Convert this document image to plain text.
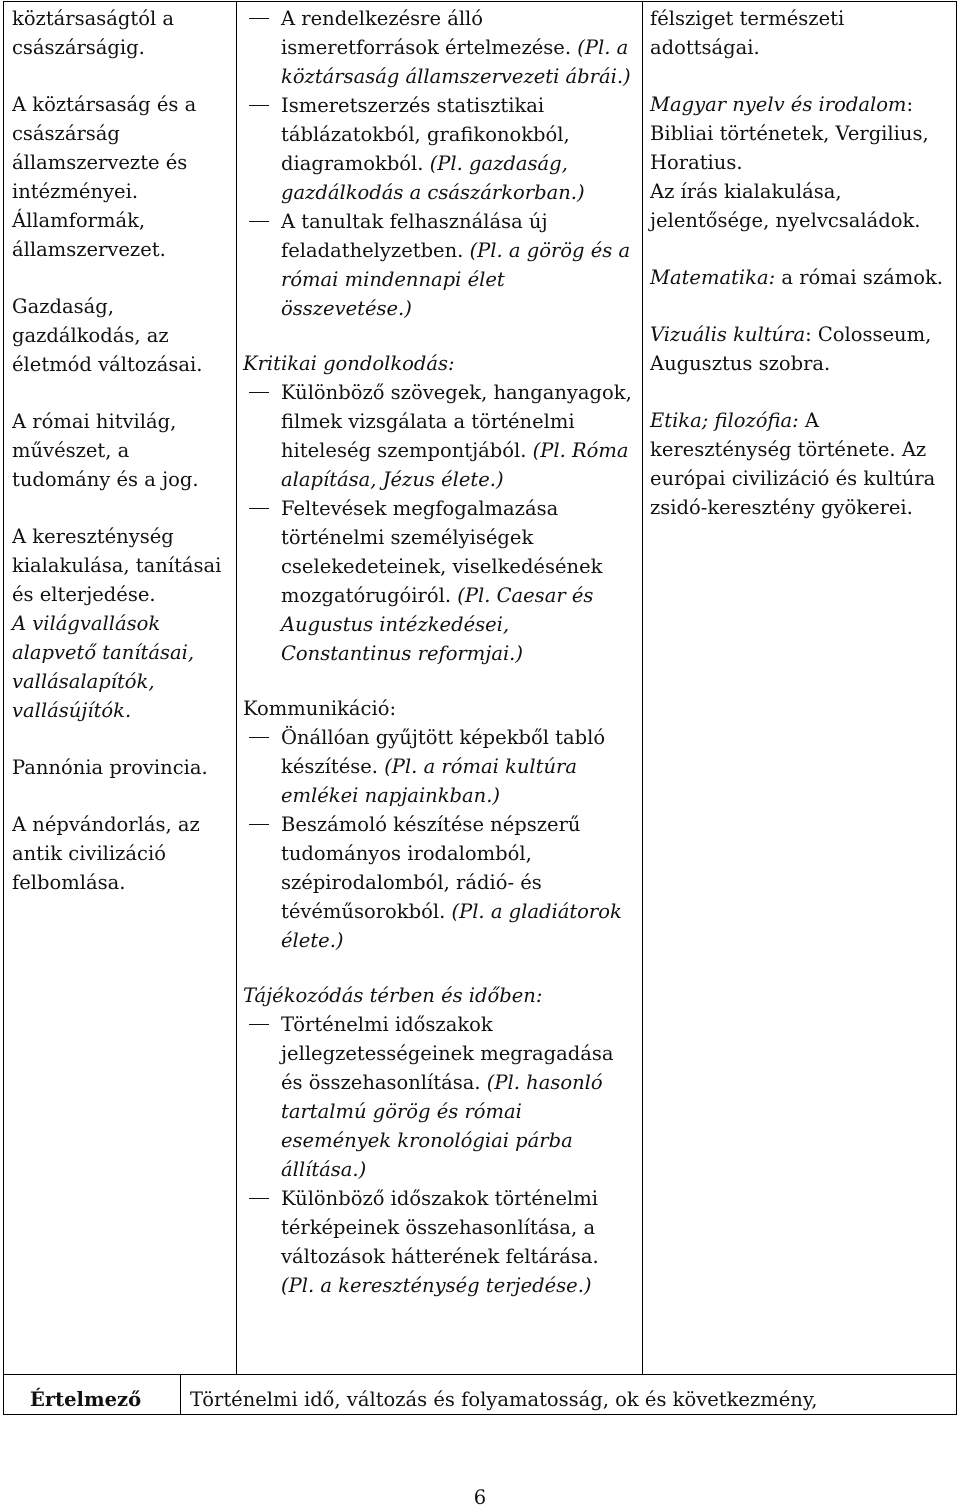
köztársaságtól a császárságig.

A köztársaság és a császárság államszervezte és intézményei.

Államformák, államszervezet.

Gazdaság, gazdálkodás, az életmód változásai.

A római hitvilág, művészet, a tudomány és a jog.

A kereszténység kialakulása, tanításai és elterjedése.

A világvallások alapvető tanításai, vallásalapítók, vallásújítók.

Pannónia provincia.

A népvándorlás, az antik civilizáció felbomlása.

A rendelkezésre álló ismeretforrások értelmezése. (Pl. a köztársaság államszervezeti ábrái.)
Ismeretszerzés statisztikai táblázatokból, grafikonokból, diagramokból. (Pl. gazdaság, gazdálkodás a császárkorban.)
A tanultak felhasználása új feladathelyzetben. (Pl. a görög és a római mindennapi élet összevetése.)

Kritikai gondolkodás:

Különböző szövegek, hanganyagok, filmek vizsgálata a történelmi hiteleség szempontjából. (Pl. Róma alapítása, Jézus élete.)
Feltevések megfogalmazása történelmi személyiségek cselekedeteinek, viselkedésének mozgatórugóiról. (Pl. Caesar és Augustus intézkedései, Constantinus reformjai.)

Kommunikáció:

Önállóan gyűjtött képekből tabló készítése. (Pl. a római kultúra emlékei napjainkban.)
Beszámoló készítése népszerű tudományos irodalomból, szépirodalomból, rádió- és tévéműsorokból. (Pl. a gladiátorok élete.)

Tájékozódás térben és időben:

Történelmi időszakok jellegzetességeinek megragadása és összehasonlítása. (Pl. hasonló tartalmú görög és római események kronológiai párba állítása.)
Különböző időszakok történelmi térképeinek összehasonlítása, a változások hátterének feltárása. (Pl. a kereszténység terjedése.)

félsziget természeti adottságai.

Magyar nyelv és irodalom: Bibliai történetek, Vergilius, Horatius.

Az írás kialakulása, jelentősége, nyelvcsaládok.

Matematika: a római számok.

Vizuális kultúra: Colosseum, Augusztus szobra.

Etika; filozófia: A kereszténység története. Az európai civilizáció és kultúra zsidó-keresztény gyökerei.

Értelmező	Történelmi idő, változás és folyamatosság, ok és következmény,
6
